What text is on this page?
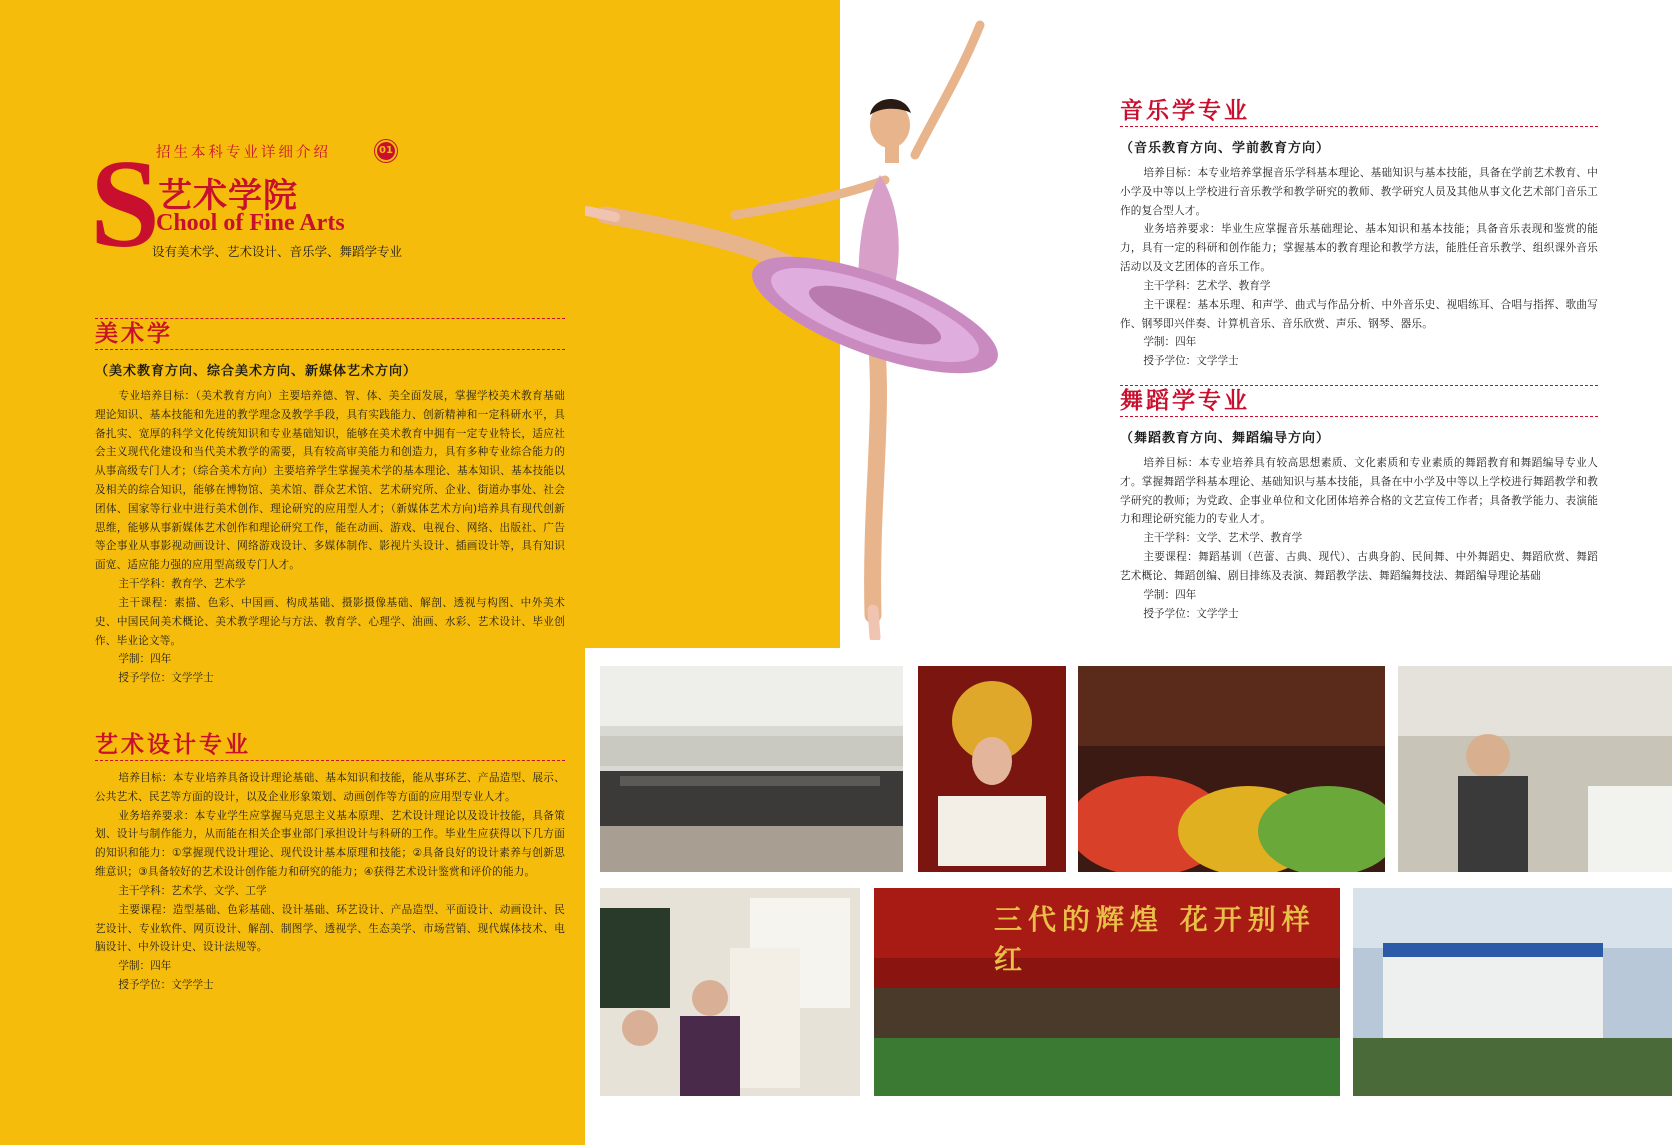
招生本科专业详细介绍	01
S
艺术学院
Chool of Fine Arts
设有美术学、艺术设计、音乐学、舞蹈学专业
美术学
（美术教育方向、综合美术方向、新媒体艺术方向）
专业培养目标：（美术教育方向）主要培养德、智、体、美全面发展，掌握学校美术教育基础理论知识、基本技能和先进的教学理念及教学手段，具有实践能力、创新精神和一定科研水平，具备扎实、宽厚的科学文化传统知识和专业基础知识，能够在美术教育中拥有一定专业特长，适应社会主义现代化建设和当代美术教学的需要，具有较高审美能力和创造力，具有多种专业综合能力的从事高级专门人才；（综合美术方向）主要培养学生掌握美术学的基本理论、基本知识、基本技能以及相关的综合知识，能够在博物馆、美术馆、群众艺术馆、艺术研究所、企业、街道办事处、社会团体、国家等行业中进行美术创作、理论研究的应用型人才；（新媒体艺术方向)培养具有现代创新思维，能够从事新媒体艺术创作和理论研究工作，能在动画、游戏、电视台、网络、出版社、广告等企事业从事影视动画设计、网络游戏设计、多媒体制作、影视片头设计、插画设计等，具有知识面宽、适应能力强的应用型高级专门人才。
主干学科：教育学、艺术学
主干课程：素描、色彩、中国画、构成基础、摄影摄像基础、解剖、透视与构图、中外美术史、中国民间美术概论、美术教学理论与方法、教育学、心理学、油画、水彩、艺术设计、毕业创作、毕业论文等。
学制：四年
授予学位：文学学士
艺术设计专业
培养目标：本专业培养具备设计理论基础、基本知识和技能，能从事环艺、产品造型、展示、公共艺术、民艺等方面的设计，以及企业形象策划、动画创作等方面的应用型专业人才。
业务培养要求：本专业学生应掌握马克思主义基本原理、艺术设计理论以及设计技能，具备策划、设计与制作能力，从而能在相关企事业部门承担设计与科研的工作。毕业生应获得以下几方面的知识和能力：①掌握现代设计理论、现代设计基本原理和技能；②具备良好的设计素养与创新思维意识；③具备较好的艺术设计创作能力和研究的能力；④获得艺术设计鉴赏和评价的能力。
主干学科：艺术学、文学、工学
主要课程：造型基础、色彩基础、设计基础、环艺设计、产品造型、平面设计、动画设计、民艺设计、专业软件、网页设计、解剖、制图学、透视学、生态美学、市场营销、现代媒体技术、电脑设计、中外设计史、设计法规等。
学制：四年
授予学位：文学学士
音乐学专业
（音乐教育方向、学前教育方向）
培养目标：本专业培养掌握音乐学科基本理论、基础知识与基本技能，具备在学前艺术教育、中小学及中等以上学校进行音乐教学和教学研究的教师、教学研究人员及其他从事文化艺术部门音乐工作的复合型人才。
业务培养要求：毕业生应掌握音乐基础理论、基本知识和基本技能；具备音乐表现和鉴赏的能力，具有一定的科研和创作能力；掌握基本的教育理论和教学方法，能胜任音乐教学、组织课外音乐活动以及文艺团体的音乐工作。
主干学科：艺术学、教育学
主干课程：基本乐理、和声学、曲式与作品分析、中外音乐史、视唱练耳、合唱与指挥、歌曲写作、钢琴即兴伴奏、计算机音乐、音乐欣赏、声乐、钢琴、器乐。
学制：四年
授予学位：文学学士
舞蹈学专业
（舞蹈教育方向、舞蹈编导方向）
培养目标：本专业培养具有较高思想素质、文化素质和专业素质的舞蹈教育和舞蹈编导专业人才。掌握舞蹈学科基本理论、基础知识与基本技能，具备在中小学及中等以上学校进行舞蹈教学和教学研究的教师；为党政、企事业单位和文化团体培养合格的文艺宣传工作者；具备教学能力、表演能力和理论研究能力的专业人才。
主干学科：文学、艺术学、教育学
主要课程：舞蹈基训（芭蕾、古典、现代）、古典身韵、民间舞、中外舞蹈史、舞蹈欣赏、舞蹈艺术概论、舞蹈创编、剧目排练及表演、舞蹈教学法、舞蹈编舞技法、舞蹈编导理论基础
学制：四年
授予学位：文学学士
三代的辉煌 花开别样红
